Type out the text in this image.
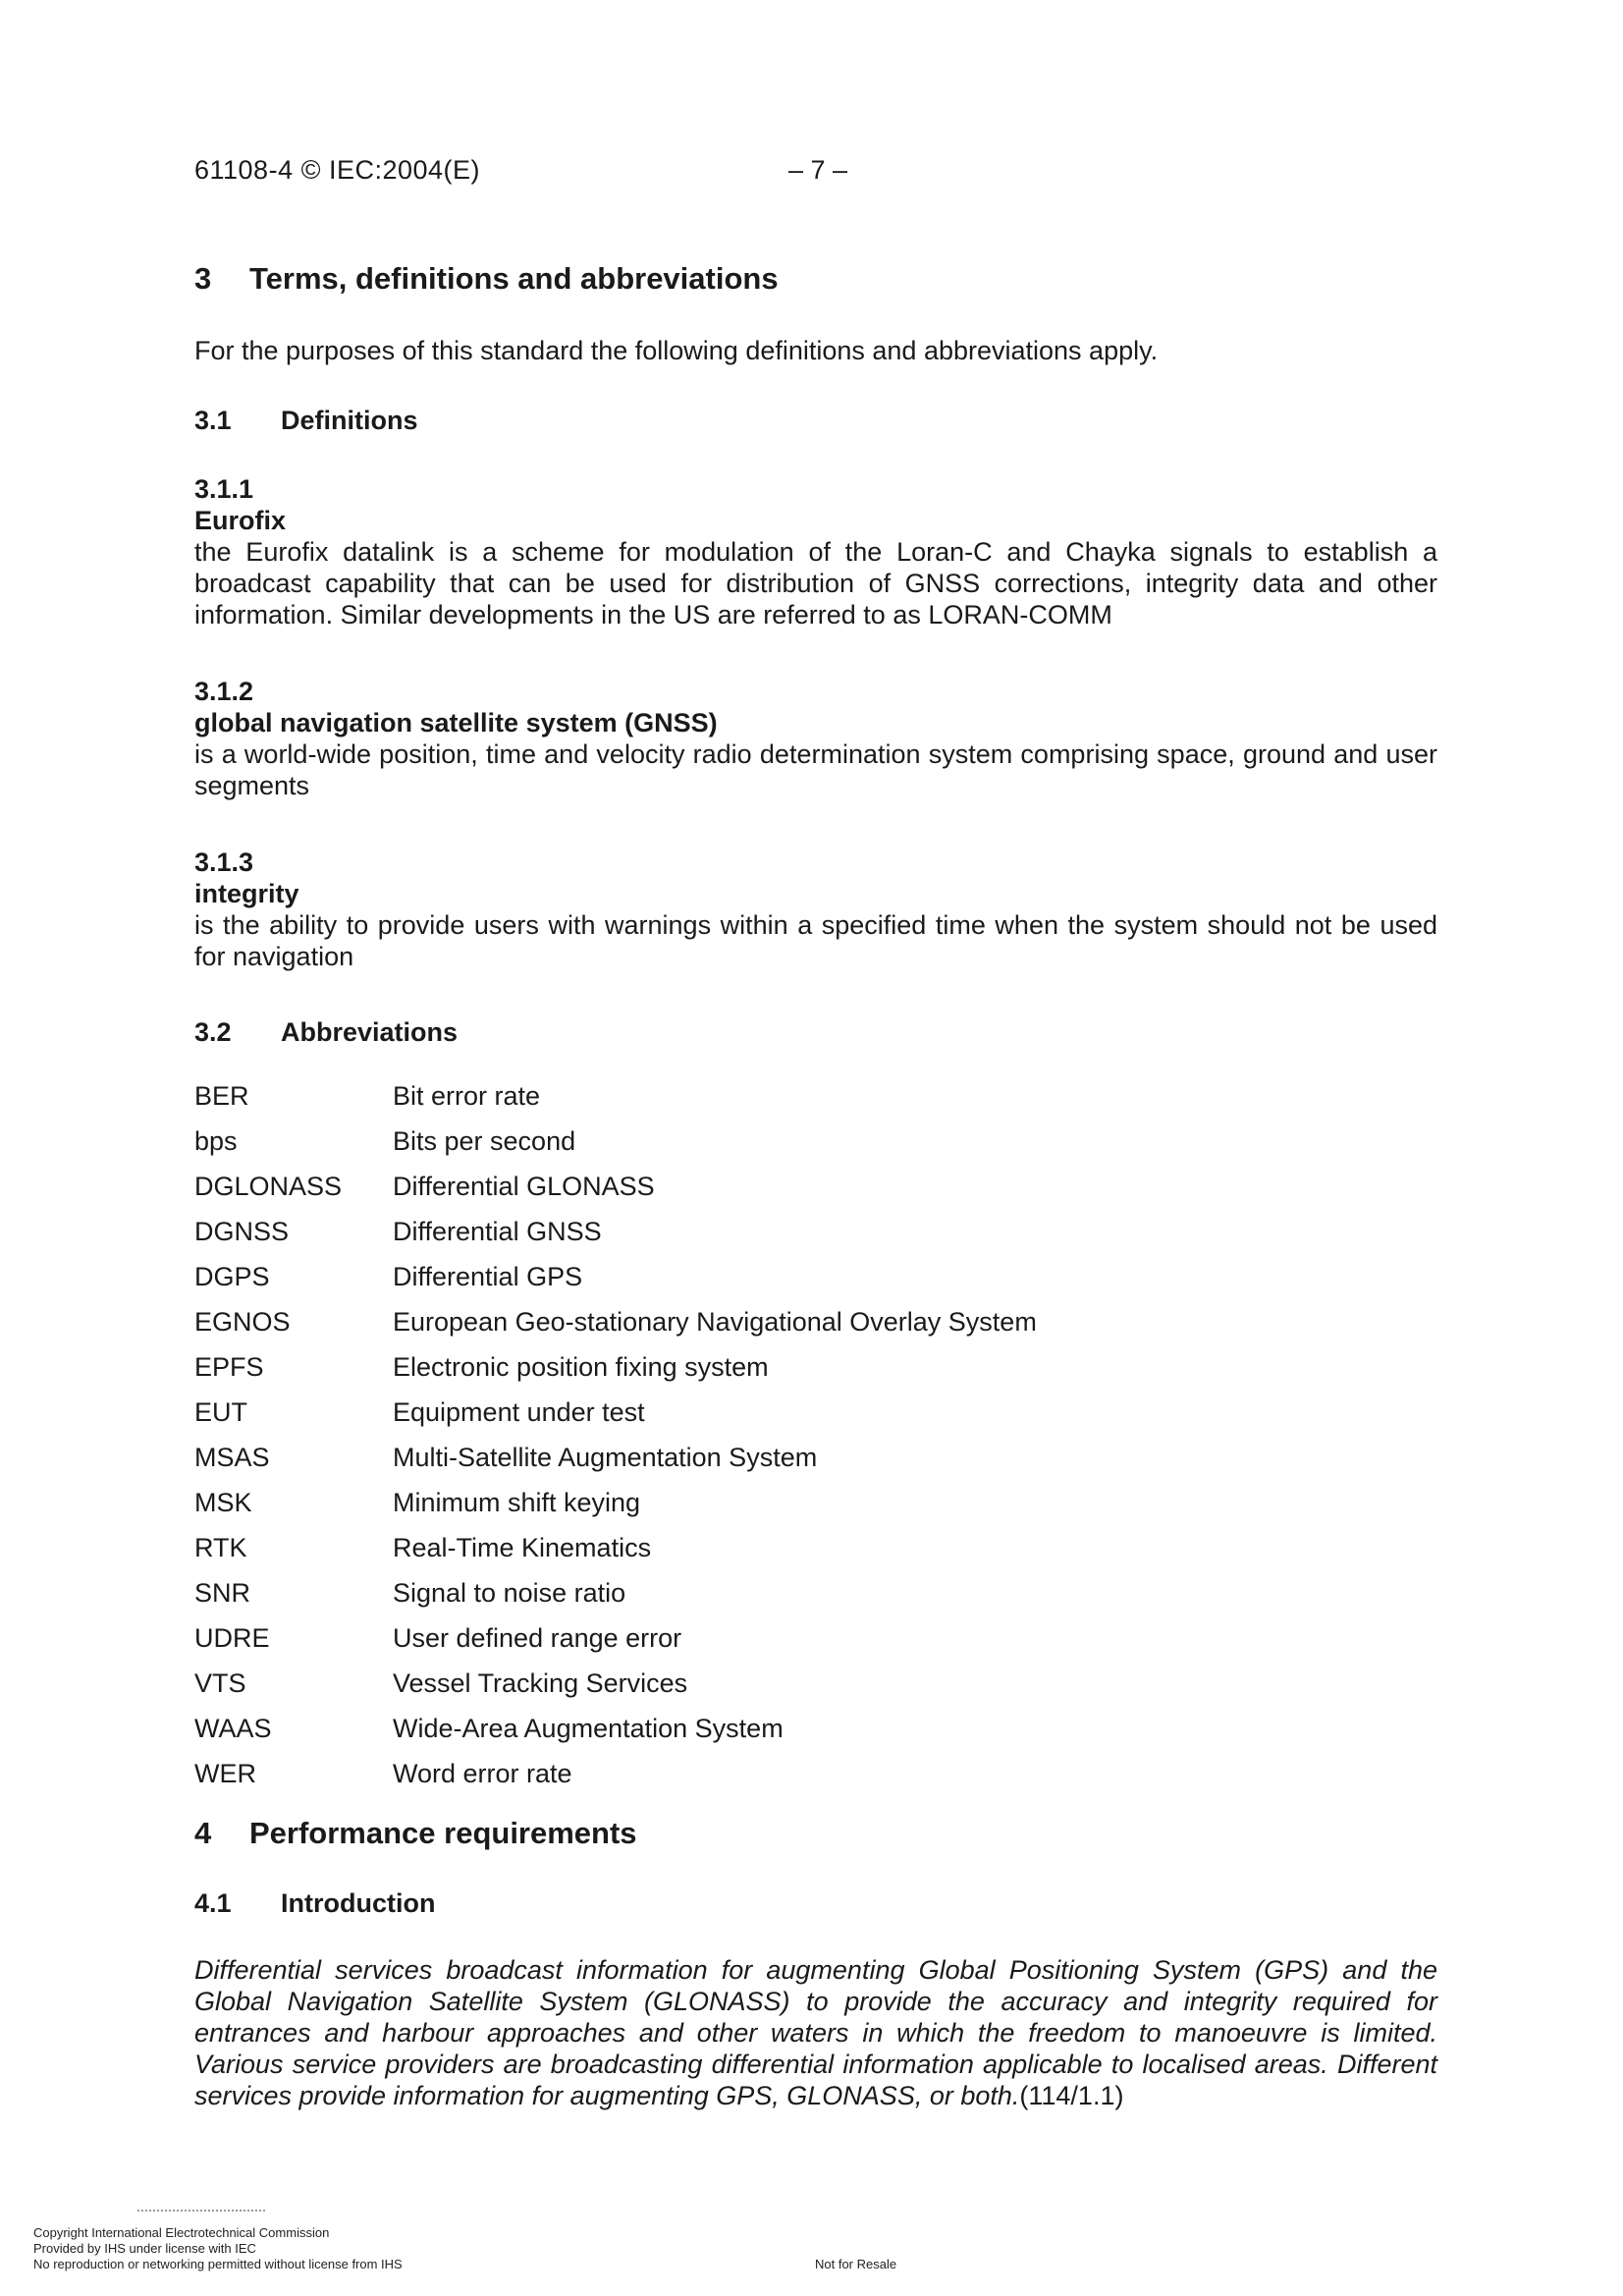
61108-4 © IEC:2004(E)	– 7 –
3	Terms, definitions and abbreviations

For the purposes of this standard the following definitions and abbreviations apply.

3.1	Definitions
3.1.1
Eurofix
the Eurofix datalink is a scheme for modulation of the Loran-C and Chayka signals to establish a broadcast capability that can be used for distribution of GNSS corrections, integrity data and other information. Similar developments in the US are referred to as LORAN-COMM
3.1.2
global navigation satellite system (GNSS)
is a world-wide position, time and velocity radio determination system comprising space, ground and user segments
3.1.3
integrity
is the ability to provide users with warnings within a specified time when the system should not be used for navigation
3.2	Abbreviations
BER	Bit error rate
bps	Bits per second
DGLONASS	Differential GLONASS
DGNSS	Differential GNSS
DGPS	Differential GPS
EGNOS	European Geo-stationary Navigational Overlay System
EPFS	Electronic position fixing system
EUT	Equipment under test
MSAS	Multi-Satellite Augmentation System
MSK	Minimum shift keying
RTK	Real-Time Kinematics
SNR	Signal to noise ratio
UDRE	User defined range error
VTS	Vessel Tracking Services
WAAS	Wide-Area Augmentation System
WER	Word error rate
4	Performance requirements
4.1	Introduction

Differential services broadcast information for augmenting Global Positioning System (GPS) and the Global Navigation Satellite System (GLONASS) to provide the accuracy and integrity required for entrances and harbour approaches and other waters in which the freedom to manoeuvre is limited. Various service providers are broadcasting differential information applicable to localised areas. Different services provide information for augmenting GPS, GLONASS, or both.(114/1.1)

Copyright International Electrotechnical Commission
Provided by IHS under license with IEC
No reproduction or networking permitted without license from IHS	Not for Resale
